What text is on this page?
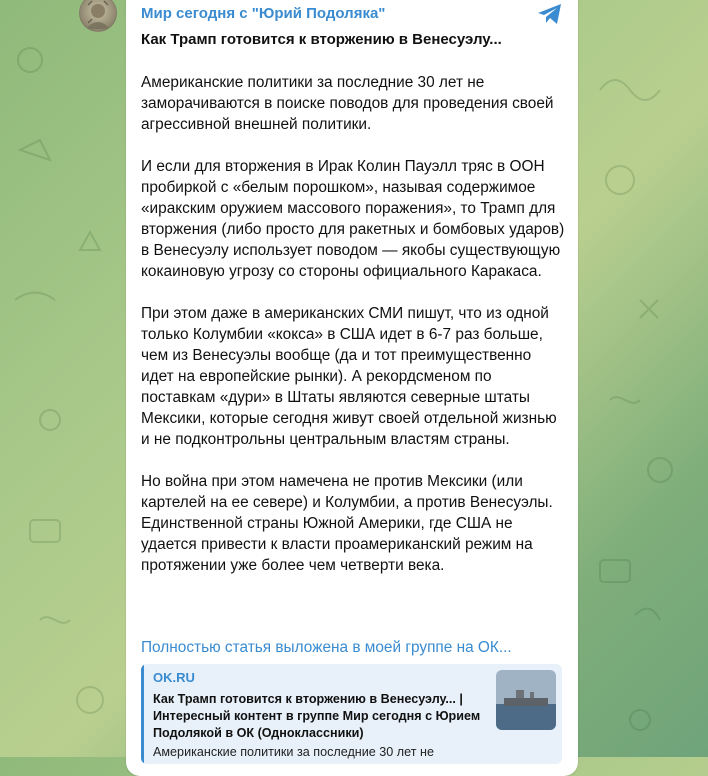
Мир сегодня с "Юрий Подоляка"
Как Трамп готовится к вторжению в Венесуэлу...

Американские политики за последние 30 лет не заморачиваются в поиске поводов для проведения своей агрессивной внешней политики.

И если для вторжения в Ирак Колин Пауэлл тряс в ООН пробиркой с «белым порошком», называя содержимое «иракским оружием массового поражения», то Трамп для вторжения (либо просто для ракетных и бомбовых ударов) в Венесуэлу использует поводом — якобы существующую кокаиновую угрозу со стороны официального Каракаса.

При этом даже в американских СМИ пишут, что из одной только Колумбии «кокса» в США идет в 6-7 раз больше, чем из Венесуэлы вообще (да и тот преимущественно идет на европейские рынки). А рекордсменом по поставкам «дури» в Штаты являются северные штаты Мексики, которые сегодня живут своей отдельной жизнью и не подконтрольны центральным властям страны.

Но война при этом намечена не против Мексики (или картелей на ее севере) и Колумбии, а против Венесуэлы. Единственной страны Южной Америки, где США не удается привести к власти проамериканский режим на протяжении уже более чем четверти века.

Полностью статья выложена в моей группе на ОК...
OK.RU
Как Трамп готовится к вторжению в Венесуэлу... | Интересный контент в группе Мир сегодня с Юрием Подолякой в ОК (Одноклассники)
Американские политики за последние 30 лет не
